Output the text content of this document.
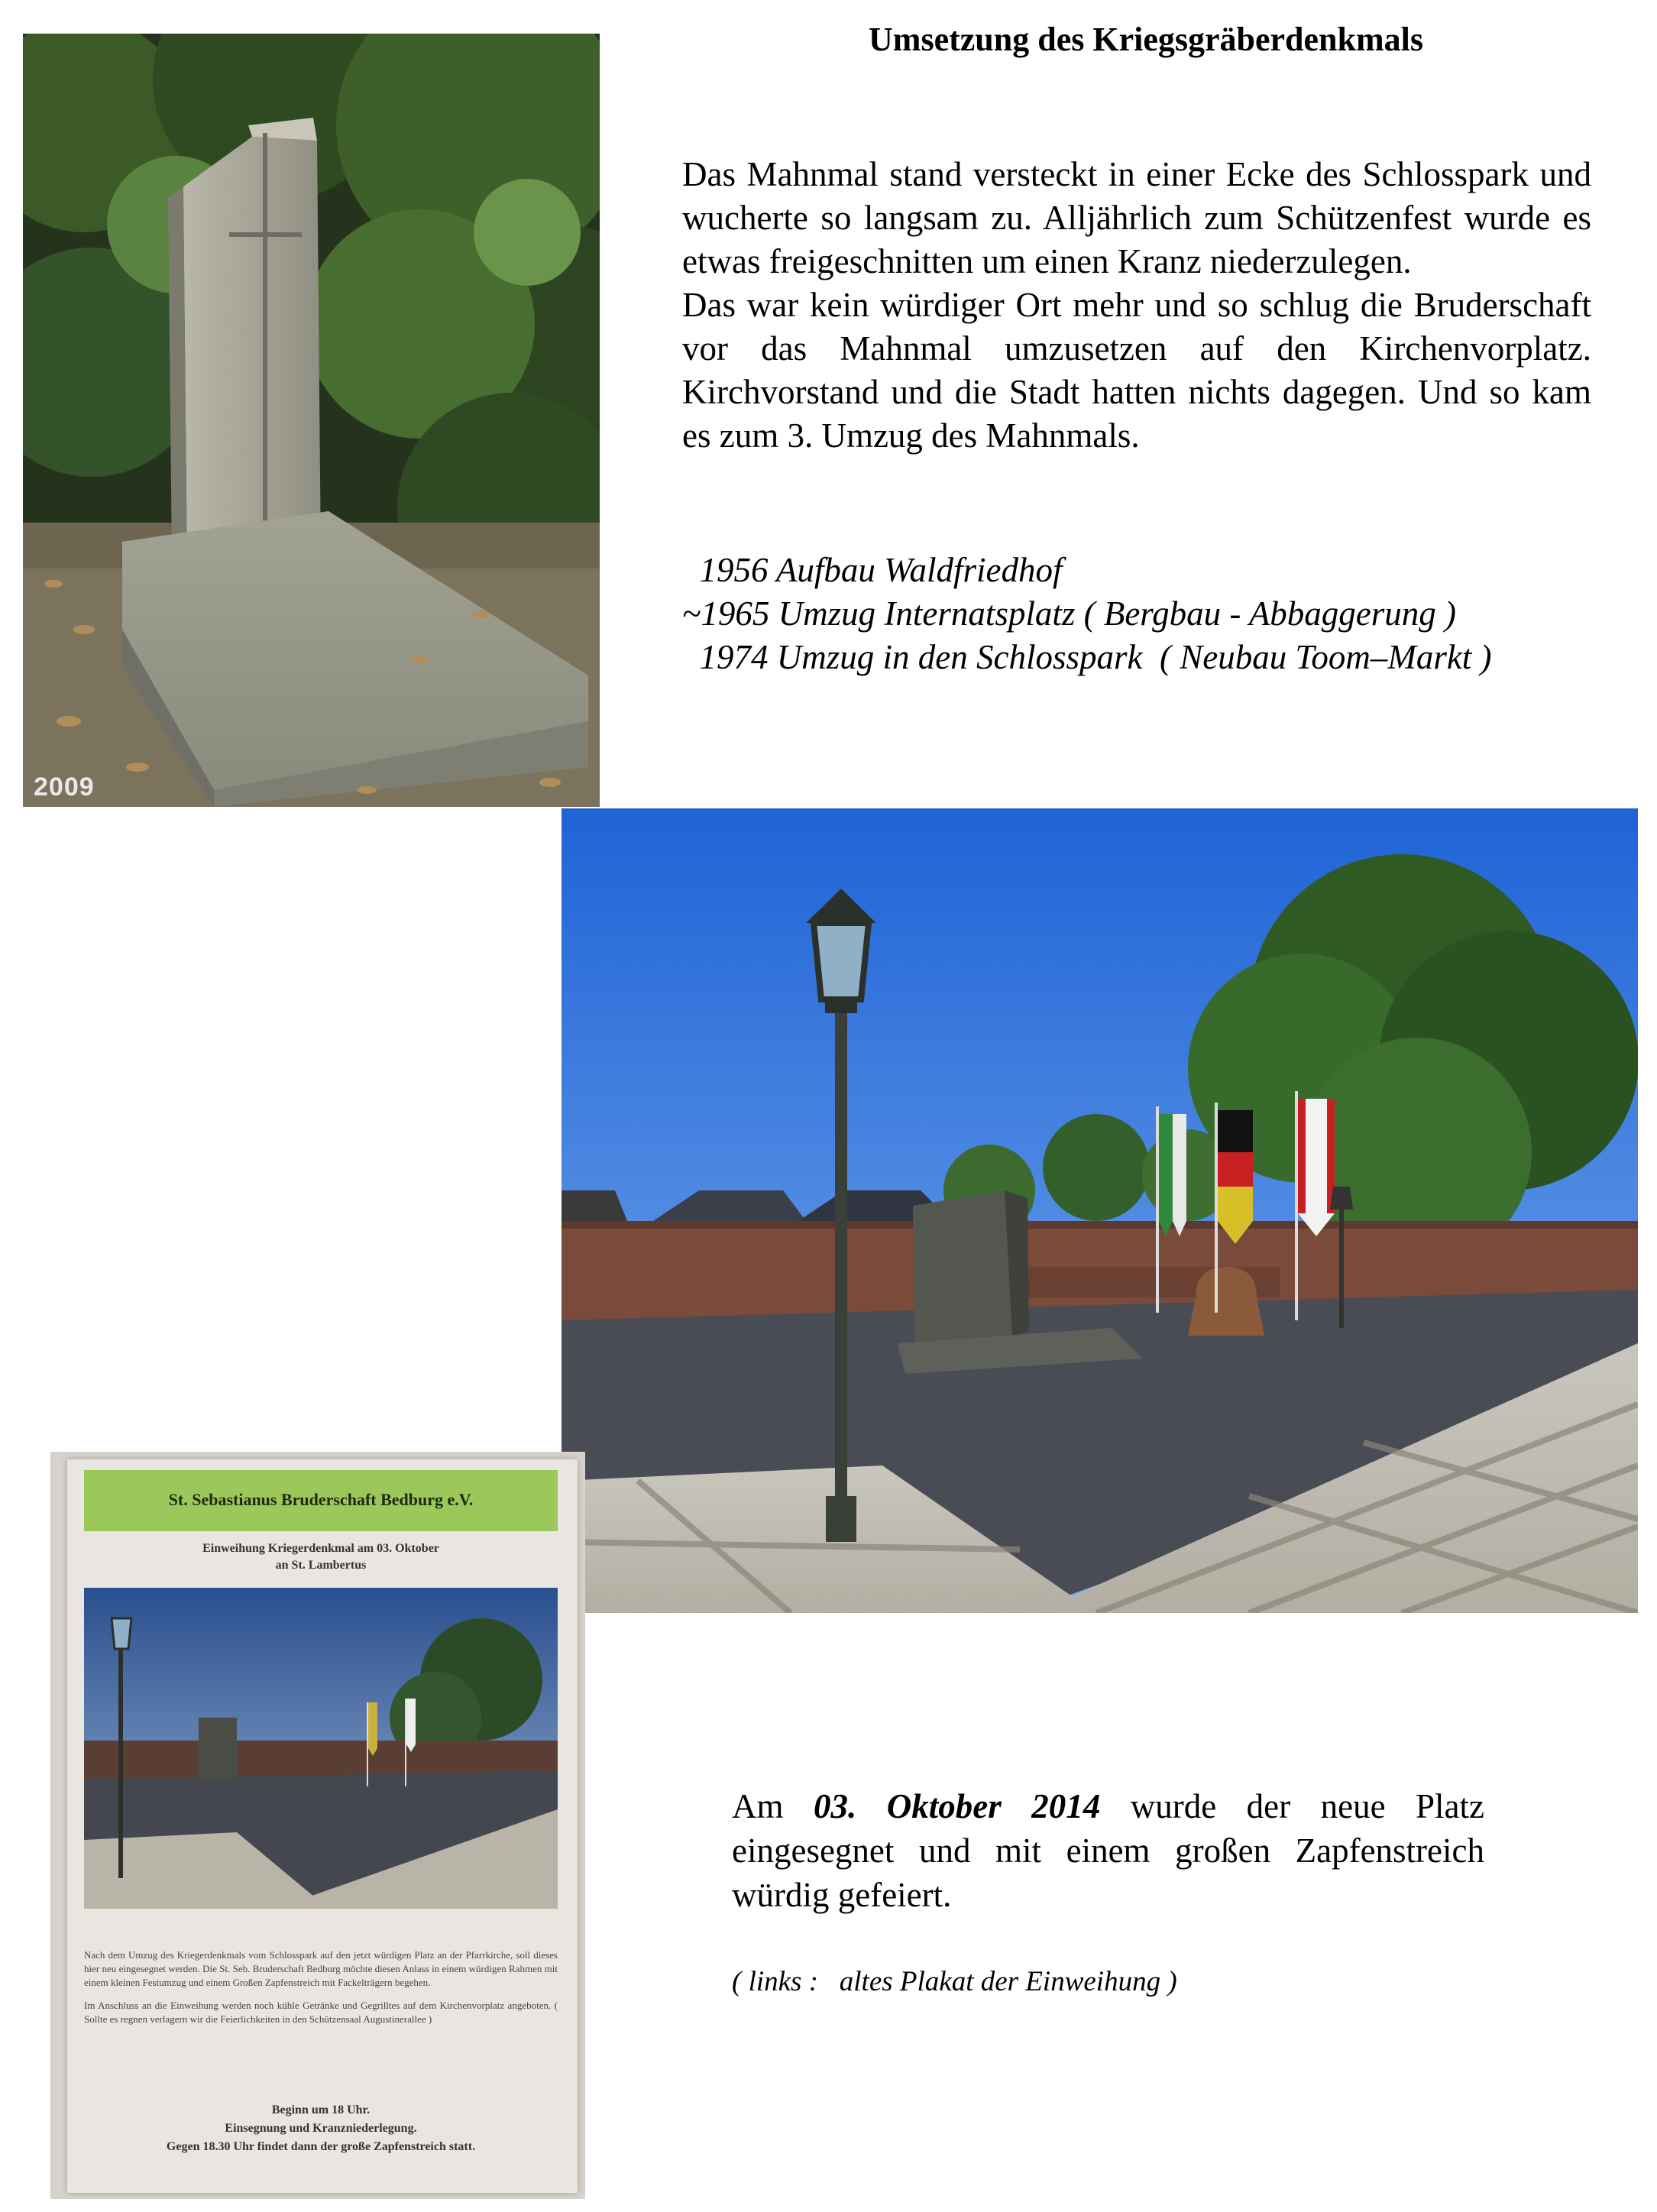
Umsetzung des Kriegsgräberdenkmals

Das Mahnmal stand versteckt in einer Ecke des Schlosspark und wucherte so langsam zu. Alljährlich zum Schützenfest wurde es etwas freigeschnitten um einen Kranz niederzulegen.

Das war kein würdiger Ort mehr und so schlug die Bruderschaft vor das Mahnmal umzusetzen auf den Kirchenvorplatz. Kirchvorstand und die Stadt hatten nichts dagegen. Und so kam es zum 3. Umzug des Mahnmals.

1956 Aufbau Waldfriedhof
~1965 Umzug Internatsplatz ( Bergbau - Abbaggerung )
1974 Umzug in den Schlosspark  ( Neubau Toom–Markt )
2009
St. Sebastianus Bruderschaft Bedburg e.V.
Einweihung Kriegerdenkmal am 03. Oktober
an St. Lambertus

Nach dem Umzug des Kriegerdenkmals vom Schlosspark auf den jetzt würdigen Platz an der Pfarrkirche, soll dieses hier neu eingesegnet werden. Die St. Seb. Bruderschaft Bedburg möchte diesen Anlass in einem würdigen Rahmen mit einem kleinen Festumzug und einem Großen Zapfenstreich mit Fackelträgern begehen.

Im Anschluss an die Einweihung werden noch kühle Getränke und Gegrilltes auf dem Kirchenvorplatz angeboten. ( Sollte es regnen verlagern wir die Feierlichkeiten in den Schützensaal Augustinerallee )

Beginn um 18 Uhr.
Einsegnung und Kranzniederlegung.
Gegen 18.30 Uhr findet dann der große Zapfenstreich statt.
Am 03. Oktober 2014 wurde der neue Platz eingesegnet und mit einem großen Zapfenstreich würdig gefeiert.
( links :   altes Plakat der Einweihung )
